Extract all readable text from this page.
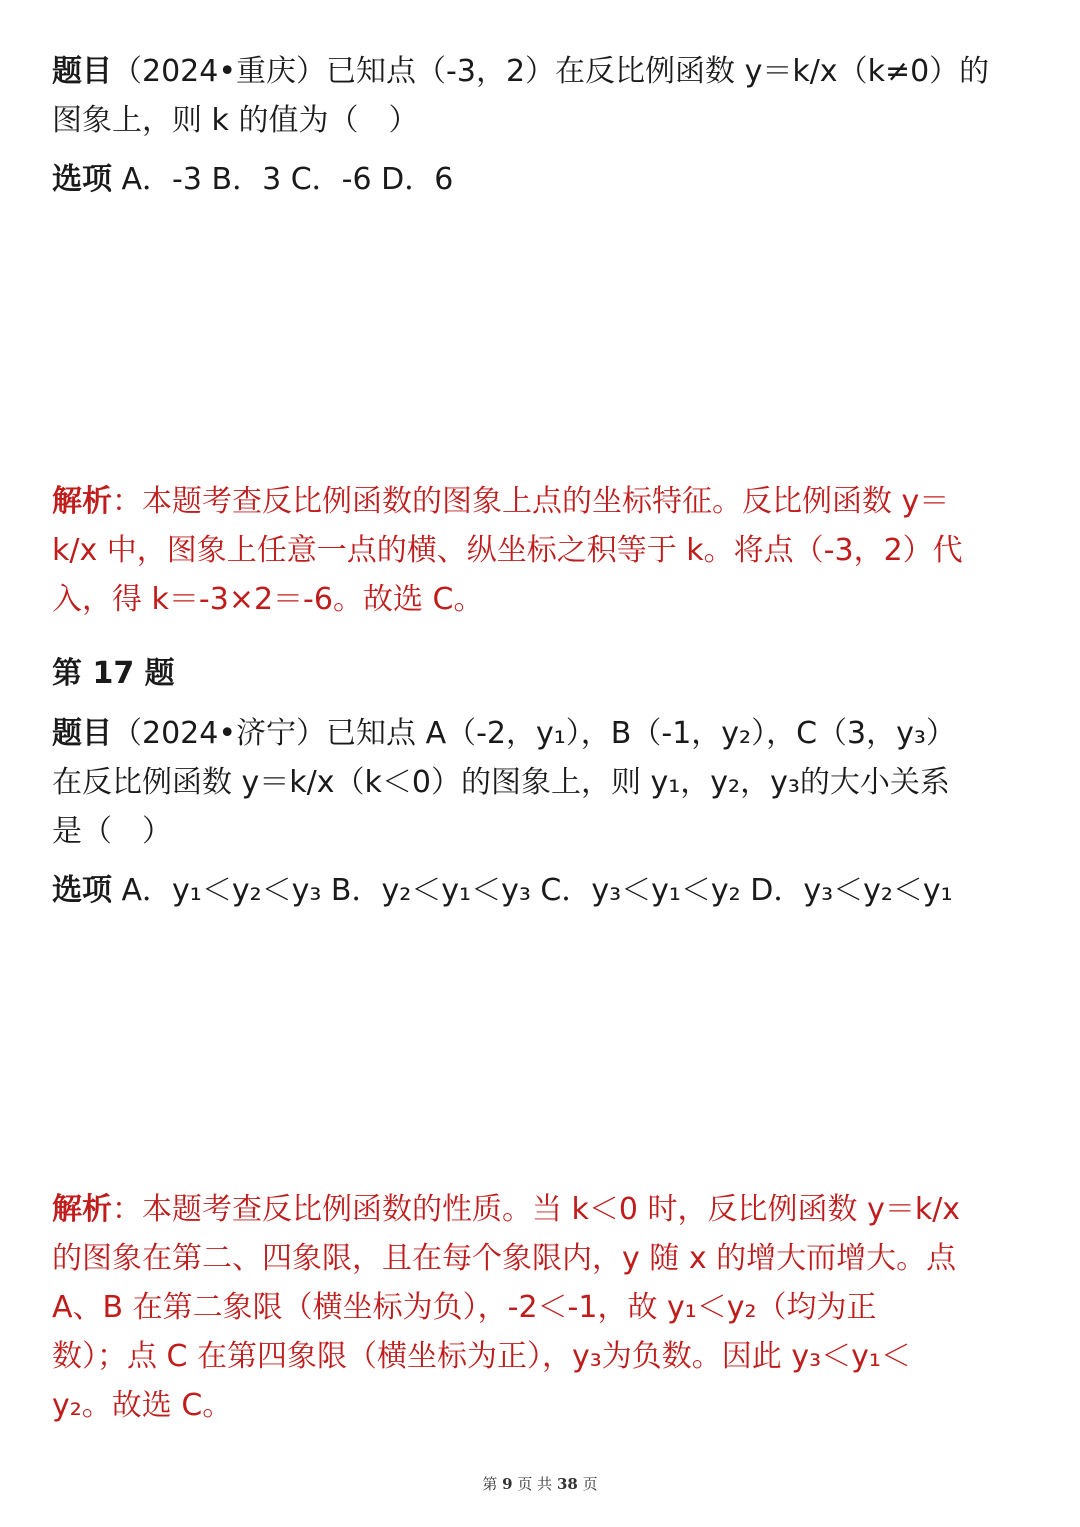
题目（2024•重庆）已知点（-3，2）在反比例函数 y＝k/x（k≠0）的
图象上，则 k 的值为（　）
选项 A．-3 B．3 C．-6 D．6
解析：本题考查反比例函数的图象上点的坐标特征。反比例函数 y＝
k/x 中，图象上任意一点的横、纵坐标之积等于 k。将点（-3，2）代
入，得 k＝-3×2＝-6。故选 C。
第 17 题
题目（2024•济宁）已知点 A（-2，y₁），B（-1，y₂），C（3，y₃）
在反比例函数 y＝k/x（k＜0）的图象上，则 y₁，y₂，y₃的大小关系
是（　）
选项 A．y₁＜y₂＜y₃ B．y₂＜y₁＜y₃ C．y₃＜y₁＜y₂ D．y₃＜y₂＜y₁
解析：本题考查反比例函数的性质。当 k＜0 时，反比例函数 y＝k/x
的图象在第二、四象限，且在每个象限内，y 随 x 的增大而增大。点
A、B 在第二象限（横坐标为负），-2＜-1，故 y₁＜y₂（均为正
数）；点 C 在第四象限（横坐标为正），y₃为负数。因此 y₃＜y₁＜
y₂。故选 C。
第 9 页 共 38 页
